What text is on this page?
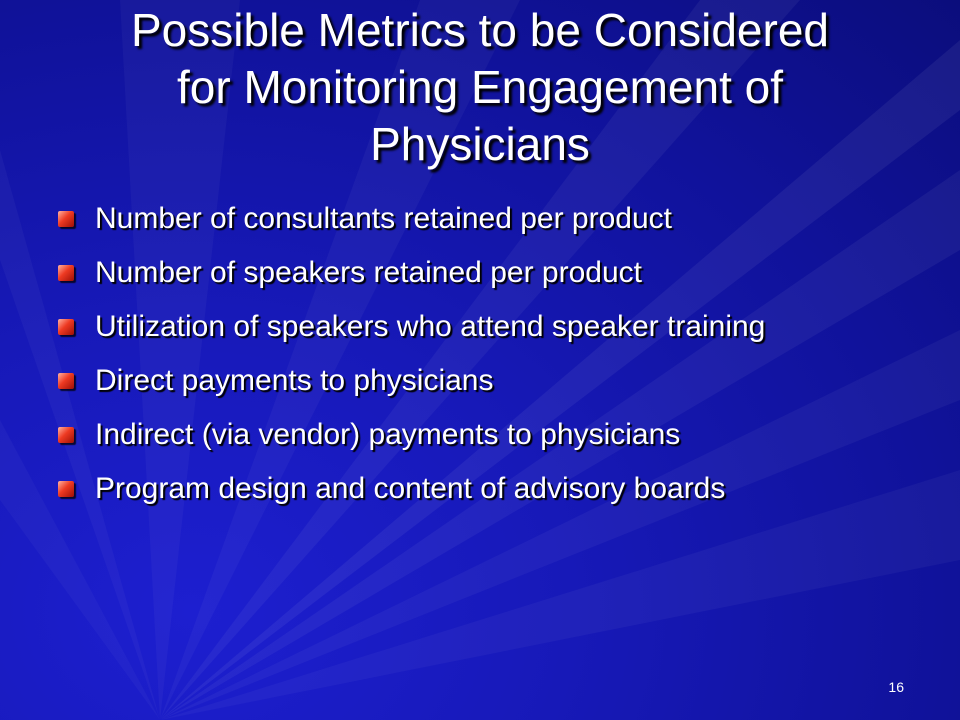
Possible Metrics to be Considered
for Monitoring Engagement of
Physicians
Number of consultants retained per product
Number of speakers retained per product
Utilization of speakers who attend speaker training
Direct payments to physicians
Indirect (via vendor) payments to physicians
Program design and content of advisory boards
16
